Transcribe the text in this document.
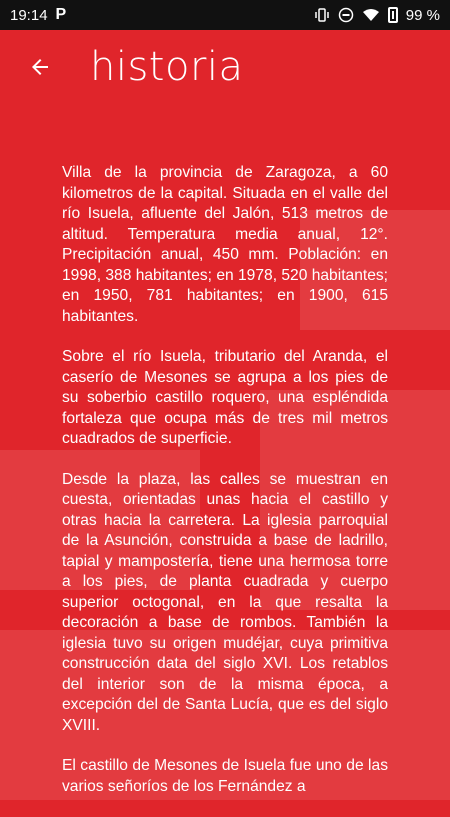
19:14 P	99 %
historia

Villa de la provincia de Zaragoza, a 60 kilometros de la capital. Situada en el valle del río Isuela, afluente del Jalón, 513 metros de altitud. Temperatura media anual, 12°. Precipitación anual, 450 mm. Población: en 1998, 388 habitantes; en 1978, 520 habitantes; en 1950, 781 habitantes; en 1900, 615 habitantes.

Sobre el río Isuela, tributario del Aranda, el caserío de Mesones se agrupa a los pies de su soberbio castillo roquero, una espléndida fortaleza que ocupa más de tres mil metros cuadrados de superficie.

Desde la plaza, las calles se muestran en cuesta, orientadas unas hacia el castillo y otras hacia la carretera. La iglesia parroquial de la Asunción, construida a base de ladrillo, tapial y mampostería, tiene una hermosa torre a los pies, de planta cuadrada y cuerpo superior octogonal, en la que resalta la decoración a base de rombos. También la iglesia tuvo su origen mudéjar, cuya primitiva construcción data del siglo XVI. Los retablos del interior son de la misma época, a excepción del de Santa Lucía, que es del siglo XVIII.

El castillo de Mesones de Isuela fue uno de las varios señoríos de los Fernández a
